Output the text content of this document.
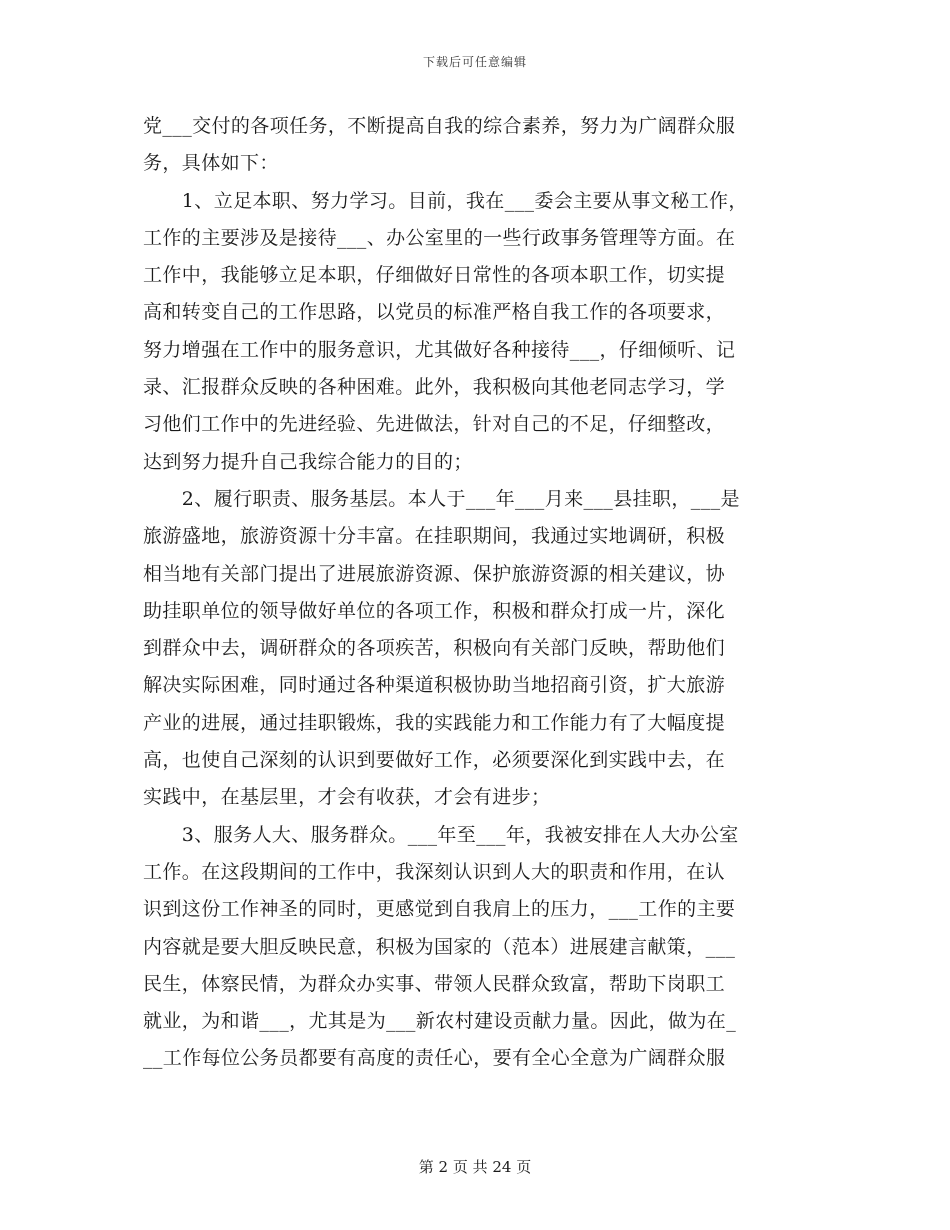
下载后可任意编辑
党___交付的各项任务，不断提高自我的综合素养，努力为广阔群众服
务，具体如下：
　　1、立足本职、努力学习。目前，我在___委会主要从事文秘工作，
工作的主要涉及是接待___、办公室里的一些行政事务管理等方面。在
工作中，我能够立足本职，仔细做好日常性的各项本职工作，切实提
高和转变自己的工作思路，以党员的标准严格自我工作的各项要求，
努力增强在工作中的服务意识，尤其做好各种接待___，仔细倾听、记
录、汇报群众反映的各种困难。此外，我积极向其他老同志学习，学
习他们工作中的先进经验、先进做法，针对自己的不足，仔细整改，
达到努力提升自己我综合能力的目的；
　　2、履行职责、服务基层。本人于___年___月来___县挂职，___是
旅游盛地，旅游资源十分丰富。在挂职期间，我通过实地调研，积极
相当地有关部门提出了进展旅游资源、保护旅游资源的相关建议，协
助挂职单位的领导做好单位的各项工作，积极和群众打成一片，深化
到群众中去，调研群众的各项疾苦，积极向有关部门反映，帮助他们
解决实际困难，同时通过各种渠道积极协助当地招商引资，扩大旅游
产业的进展，通过挂职锻炼，我的实践能力和工作能力有了大幅度提
高，也使自己深刻的认识到要做好工作，必须要深化到实践中去，在
实践中，在基层里，才会有收获，才会有进步；
　　3、服务人大、服务群众。___年至___年，我被安排在人大办公室
工作。在这段期间的工作中，我深刻认识到人大的职责和作用，在认
识到这份工作神圣的同时，更感觉到自我肩上的压力，___工作的主要
内容就是要大胆反映民意，积极为国家的（范本）进展建言献策，___
民生，体察民情，为群众办实事、带领人民群众致富，帮助下岗职工
就业，为和谐___，尤其是为___新农村建设贡献力量。因此，做为在_
__工作每位公务员都要有高度的责任心，要有全心全意为广阔群众服
第 2 页 共 24 页
